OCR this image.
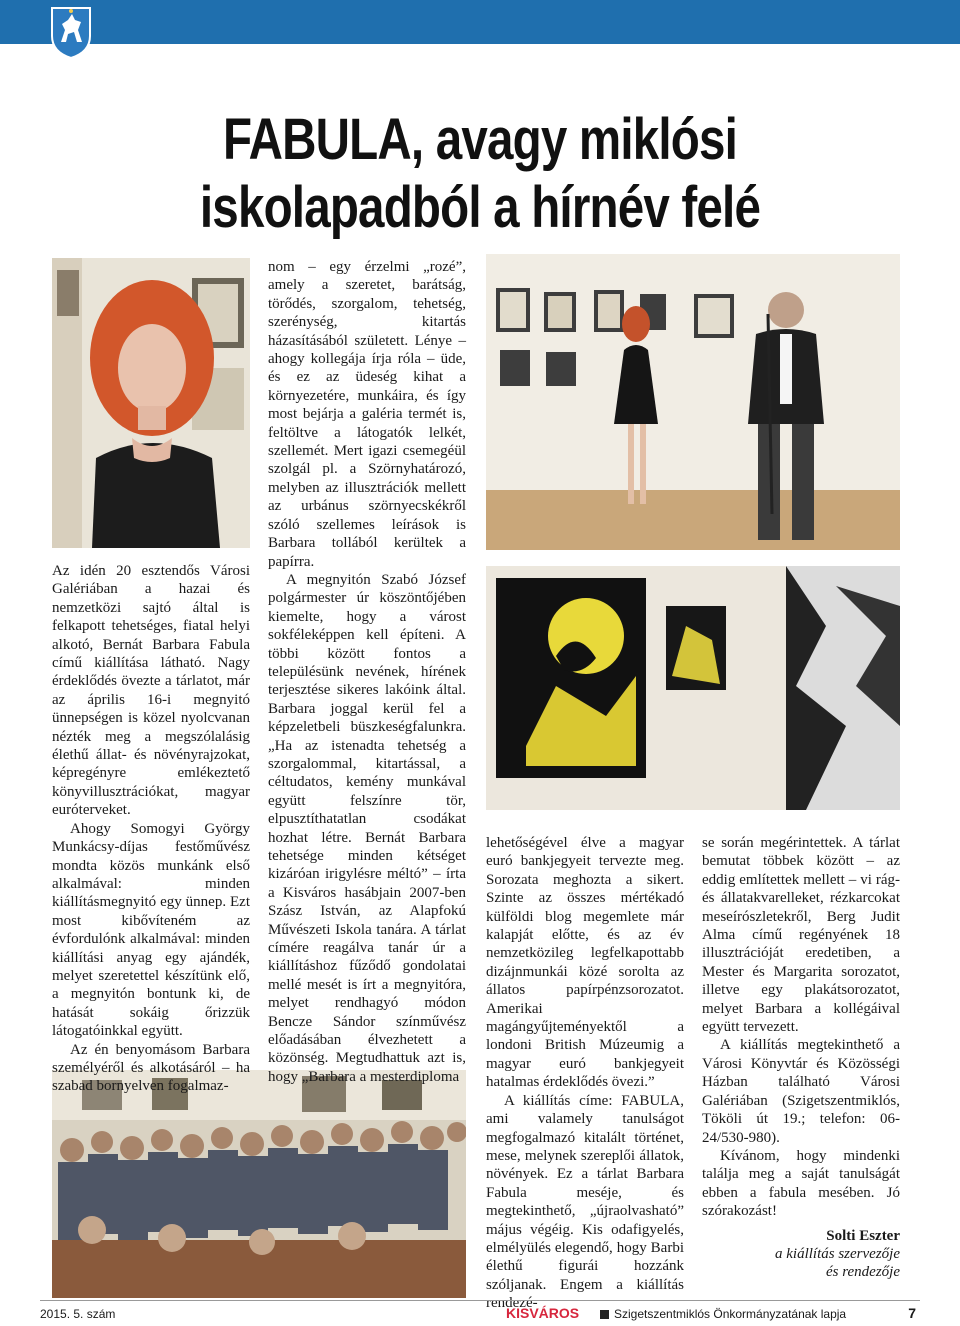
FABULA, avagy miklósi
iskolapadból a hírnév felé

Az idén 20 esztendős Városi Galériában a hazai és nemzetközi sajtó által is felkapott tehetséges, fiatal helyi alkotó, Bernát Barbara Fabula című kiállítása látható. Nagy érdeklődés övezte a tárlatot, már az április 16-i megnyitó ünnepségen is közel nyolcvanan nézték meg a megszólalásig élethű állat- és növényrajzokat, képregényre emlékeztető könyvillusztrációkat, magyar euróterveket.

Ahogy Somogyi György Munkácsy-díjas festőművész mondta közös munkánk első alkalmával: minden kiállításmegnyitó egy ünnep. Ezt most kibővíteném az évfordulónk alkalmával: minden kiállítási anyag egy ajándék, melyet szeretettel készítünk elő, a megnyitón bontunk ki, de hatását sokáig őrizzük látogatóinkkal együtt.

Az én benyomásom Barbara személyéről és alkotásáról – ha szabad bornyelven fogalmaz-

nom – egy érzelmi „rozé”, amely a szeretet, barátság, törődés, szorgalom, tehetség, szerénység, kitartás házasításából született. Lénye – ahogy kollegája írja róla – üde, és ez az üdeség kihat a környezetére, munkáira, és így most bejárja a galéria termét is, feltöltve a látogatók lelkét, szellemét. Mert igazi csemegéül szolgál pl. a Szörnyhatározó, melyben az illusztrációk mellett az urbánus szörnyecskékről szóló szellemes leírások is Barbara tollából kerültek a papírra.

A megnyitón Szabó József polgármester úr köszöntőjében kiemelte, hogy a várost sokféleképpen kell építeni. A többi között fontos a településünk nevének, hírének terjesztése sikeres lakóink által. Barbara joggal kerül fel a képzeletbeli büszkeségfalunkra. „Ha az istenadta tehetség a szorgalommal, kitartással, a céltudatos, kemény munkával együtt felszínre tör, elpusztíthatatlan csodákat hozhat létre. Bernát Barbara tehetsége minden kétséget kizáróan irigylésre méltó” – írta a Kisváros hasábjain 2007-ben Szász István, az Alapfokú Művészeti Iskola tanára. A tárlat címére reagálva tanár úr a kiállításhoz fűződő gondolatai mellé mesét is írt a megnyitóra, melyet rendhagyó módon Bencze Sándor színművész előadásában élvezhetett a közönség. Megtudhattuk azt is, hogy „Barbara a mesterdiploma

lehetőségével élve a magyar euró bankjegyeit tervezte meg. Sorozata meghozta a sikert. Szinte az összes mértékadó külföldi blog megemlete már kalapját előtte, és az év nemzetközileg legfelkapottabb dizájnmunkái közé sorolta az állatos papírpénzsorozatot. Amerikai magángyűjteményektől a londoni British Múzeumig a magyar euró bankjegyeit hatalmas érdeklődés övezi.”

A kiállítás címe: FABULA, ami valamely tanulságot megfogalmazó kitalált történet, mese, melynek szereplői állatok, növények. Ez a tárlat Barbara Fabula meséje, és megtekinthető, „újraolvasható” május végéig. Kis odafigyelés, elmélyülés elegendő, hogy Barbi élethű figurái hozzánk szóljanak. Engem a kiállítás rendezé-

se során megérintettek. A tárlat bemutat többek között – az eddig említettek mellett – vi rág- és állatakvarelleket, rézkarcokat meseírószletekről, Berg Judit Alma című regényének 18 illusztrációját eredetiben, a Mester és Margarita sorozatot, illetve egy plakátsorozatot, melyet Barbara a kollégáival együtt tervezett.

A kiállítás megtekinthető a Városi Könyvtár és Közösségi Házban található Városi Galériában (Szigetszentmiklós, Tököli út 19.; telefon: 06-24/530-980).

Kívánom, hogy mindenki találja meg a saját tanulságát ebben a fabula mesében. Jó szórakozást!

Solti Eszter
a kiállítás szervezője
és rendezője
2015. 5. szám	KISVÁROS	Szigetszentmiklós Önkormányzatának lapja	7
